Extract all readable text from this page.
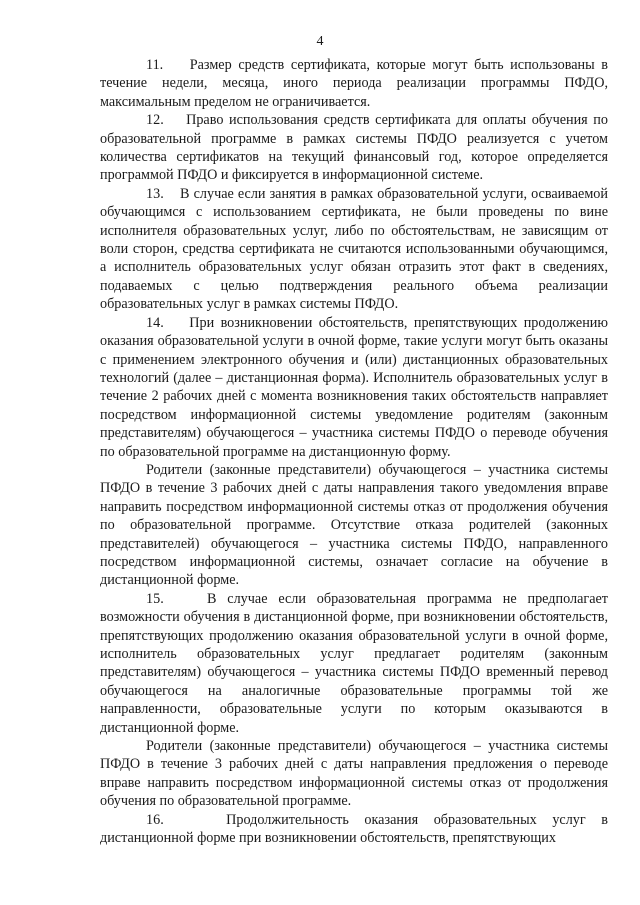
4

11.    Размер средств сертификата, которые могут быть использованы в течение недели, месяца, иного периода реализации программы ПФДО, максимальным пределом не ограничивается.

12.    Право использования средств сертификата для оплаты обучения по образовательной программе в рамках системы ПФДО реализуется с учетом количества сертификатов на текущий финансовый год, которое определяется программой ПФДО и фиксируется в информационной системе.

13.    В случае если занятия в рамках образовательной услуги, осваиваемой обучающимся с использованием сертификата, не были проведены по вине исполнителя образовательных услуг, либо по обстоятельствам, не зависящим от воли сторон, средства сертификата не считаются использованными обучающимся, а исполнитель образовательных услуг обязан отразить этот факт в сведениях, подаваемых с целью подтверждения реального объема реализации образовательных услуг в рамках системы ПФДО.

14.    При возникновении обстоятельств, препятствующих продолжению оказания образовательной услуги в очной форме, такие услуги могут быть оказаны с применением электронного обучения и (или) дистанционных образовательных технологий (далее – дистанционная форма). Исполнитель образовательных услуг в течение 2 рабочих дней с момента возникновения таких обстоятельств направляет посредством информационной системы уведомление родителям (законным представителям) обучающегося – участника системы ПФДО о переводе обучения по образовательной программе на дистанционную форму.

Родители (законные представители) обучающегося – участника системы ПФДО в течение 3 рабочих дней с даты направления такого уведомления вправе направить посредством информационной системы отказ от продолжения обучения по образовательной программе. Отсутствие отказа родителей (законных представителей) обучающегося – участника системы ПФДО, направленного посредством информационной системы, означает согласие на обучение в дистанционной форме.

15.    В случае если образовательная программа не предполагает возможности обучения в дистанционной форме, при возникновении обстоятельств, препятствующих продолжению оказания образовательной услуги в очной форме, исполнитель образовательных услуг предлагает родителям (законным представителям) обучающегося – участника системы ПФДО временный перевод обучающегося на аналогичные образовательные программы той же направленности, образовательные услуги по которым оказываются в дистанционной форме.

Родители (законные представители) обучающегося – участника системы ПФДО в течение 3 рабочих дней с даты направления предложения о переводе вправе направить посредством информационной системы отказ от продолжения обучения по образовательной программе.

16.    Продолжительность оказания образовательных услуг в дистанционной форме при возникновении обстоятельств, препятствующих
